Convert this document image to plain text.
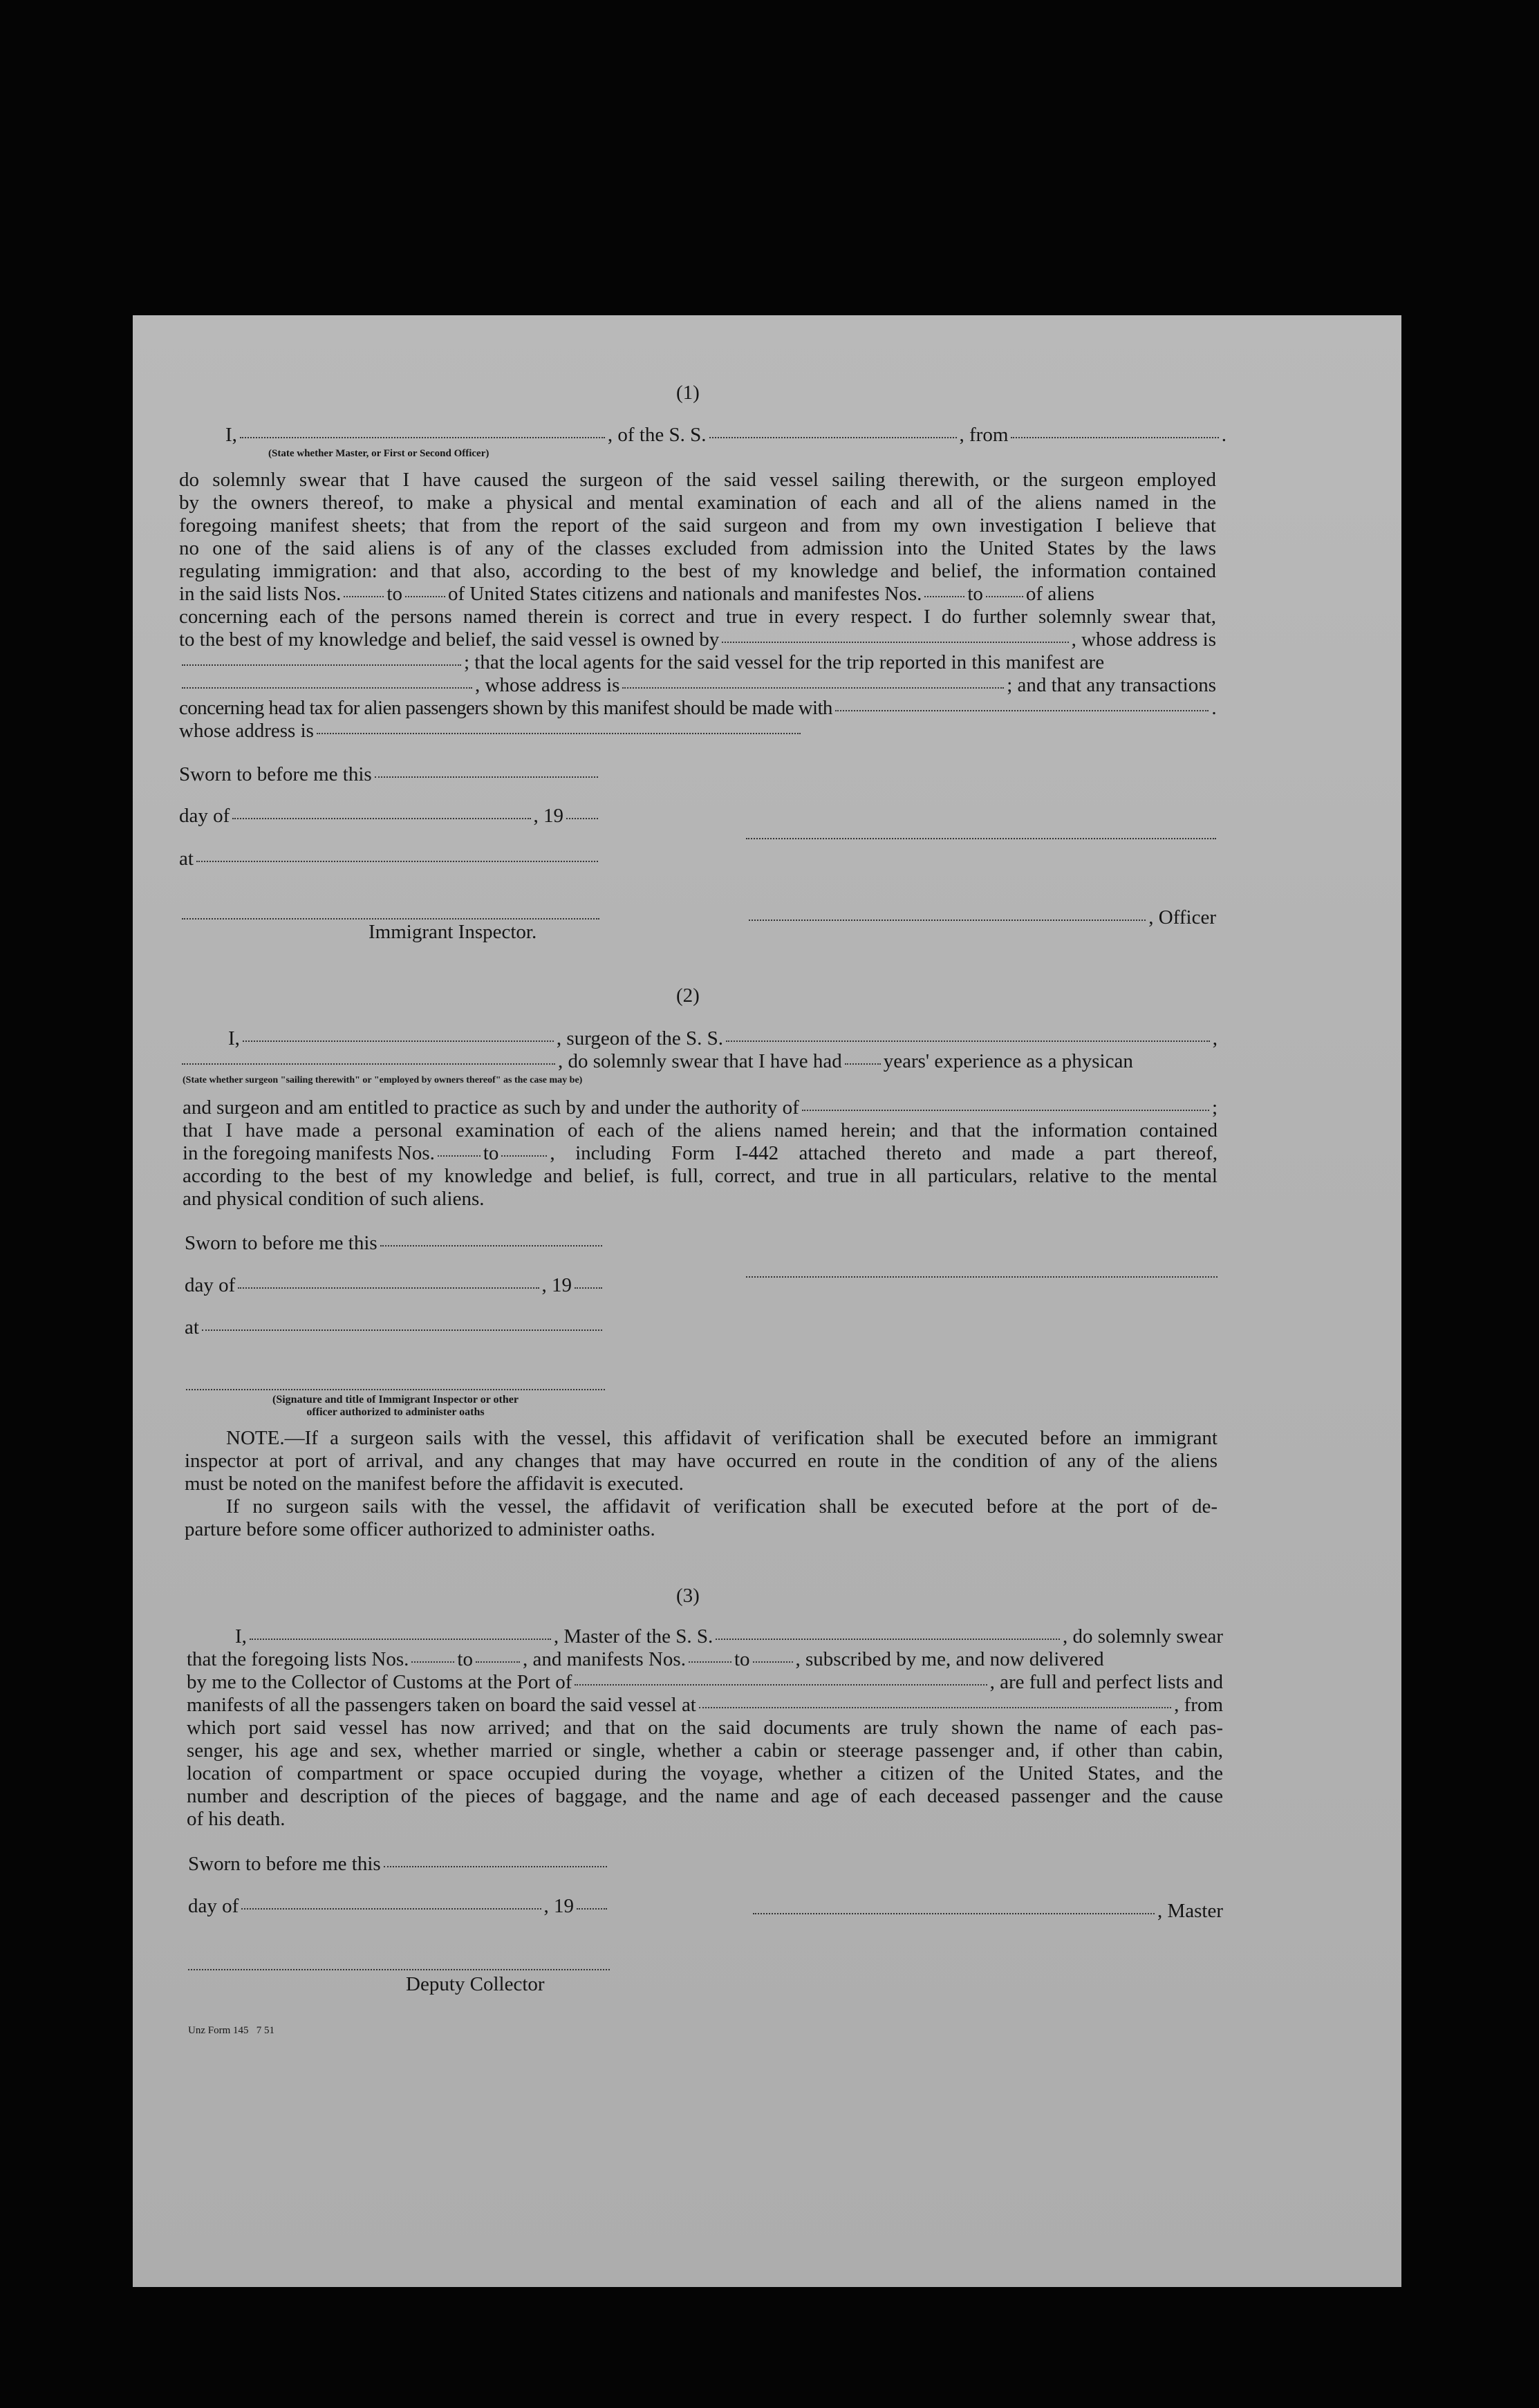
(1)
I,	, of the S. S.	, from	.
(State whether Master, or First or Second Officer)
do solemnly swear that I have caused the surgeon of the said vessel sailing therewith, or the surgeon employed
by the owners thereof, to make a physical and mental examination of each and all of the aliens named in the
foregoing manifest sheets; that from the report of the said surgeon and from my own investigation I believe that
no one of the said aliens is of any of the classes excluded from admission into the United States by the laws
regulating immigration: and that also, according to the best of my knowledge and belief, the information contained
in the said lists Nos. to of United States citizens and nationals and manifestes Nos. to of aliens
concerning each of the persons named therein is correct and true in every respect. I do further solemnly swear that,
to the best of my knowledge and belief, the said vessel is owned by	, whose address is
; that the local agents for the said vessel for the trip reported in this manifest are
, whose address is	; and that any transactions
concerning head tax for alien passengers shown by this manifest should be made with	.
whose address is
Sworn to before me this
day of	, 19
at
Immigrant Inspector.
, Officer
(2)
I,	, surgeon of the S. S.	,
, do solemnly swear that I have had years' experience as a physican
(State whether surgeon "sailing therewith" or "employed by owners thereof" as the case may be)
and surgeon and am entitled to practice as such by and under the authority of	;
that I have made a personal examination of each of the aliens named herein; and that the information contained
in the foregoing manifests Nos. to	, including Form I-442 attached thereto and made a part thereof,
according to the best of my knowledge and belief, is full, correct, and true in all particulars, relative to the mental
and physical condition of such aliens.
Sworn to before me this
day of	, 19
at
(Signature and title of Immigrant Inspector or other
officer authorized to administer oaths
NOTE.—If a surgeon sails with the vessel, this affidavit of verification shall be executed before an immigrant
inspector at port of arrival, and any changes that may have occurred en route in the condition of any of the aliens
must be noted on the manifest before the affidavit is executed.
If no surgeon sails with the vessel, the affidavit of verification shall be executed before at the port of de-
parture before some officer authorized to administer oaths.
(3)
I,	, Master of the S. S.	, do solemnly swear
that the foregoing lists Nos. to , and manifests Nos. to , subscribed by me, and now delivered
by me to the Collector of Customs at the Port of	, are full and perfect lists and
manifests of all the passengers taken on board the said vessel at	, from
which port said vessel has now arrived; and that on the said documents are truly shown the name of each pas-
senger, his age and sex, whether married or single, whether a cabin or steerage passenger and, if other than cabin,
location of compartment or space occupied during the voyage, whether a citizen of the United States, and the
number and description of the pieces of baggage, and the name and age of each deceased passenger and the cause
of his death.
Sworn to before me this
day of	, 19	, Master
Deputy Collector
Unz Form 145   7 51
